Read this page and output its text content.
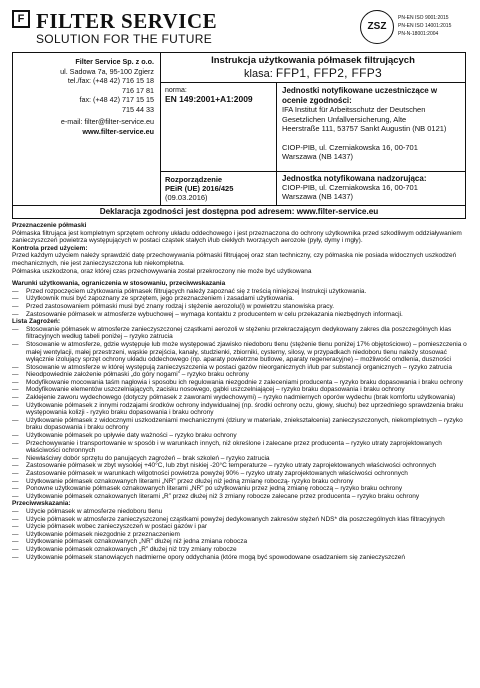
F FILTER SERVICE
SOLUTION FOR THE FUTURE
ZSZ
PN-EN ISO 9001:2015
PN-EN ISO 14001:2015
PN-N-18001:2004
Filter Service Sp. z o.o.
ul. Sadowa 7a, 95-100 Zgierz
tel./fax: (+48 42) 716 15 18
716 17 81
fax: (+48 42) 717 15 15
715 44 33
e-mail: filter@filter-service.eu
www.filter-service.eu
Instrukcja użytkowania półmasek filtrujących
klasa: FFP1, FFP2, FFP3
norma:
EN 149:2001+A1:2009
Jednostki notyfikowane uczestniczące w ocenie zgodności:
IFA Institut für Arbeitsschutz der Deutschen
Gesetzlichen Unfallversicherung, Alte
Heerstraße 111, 53757 Sankt Augustin (NB 0121)
CIOP-PIB, ul. Czerniakowska 16, 00-701
Warszawa (NB 1437)
Rozporządzenie
PEiR (UE) 2016/425
(09.03.2016)
Jednostka notyfikowana nadzorująca:
CIOP-PIB, ul. Czerniakowska 16, 00-701
Warszawa (NB 1437)
Deklaracja zgodności jest dostępna pod adresem: www.filter-service.eu
Przeznaczenie półmaski

Półmaska filtrująca jest kompletnym sprzętem ochrony układu oddechowego i jest przeznaczona do ochrony użytkownika przed szkodliwym oddziaływaniem zanieczyszczeń powietrza występujących w postaci cząstek stałych i/lub ciekłych tworzących aerozole (pyły, dymy i mgły).

Kontrola przed użyciem:

Przed każdym użyciem należy sprawdzić datę przechowywania półmaski filtrującej oraz stan techniczny, czy półmaska nie posiada widocznych uszkodzeń mechanicznych, nie jest zanieczyszczona lub niekompletna.

Półmaska uszkodzona, oraz której czas przechowywania został przekroczony nie może być użytkowana

Warunki użytkowania, ograniczenia w stosowaniu, przeciwwskazania
— Przed rozpoczęciem użytkowania półmasek filtrujących należy zapoznać się z treścią niniejszej Instrukcji użytkowania.
— Użytkownik musi być zapoznany ze sprzętem, jego przeznaczeniem i zasadami użytkowania.
— Przed zastosowaniem półmaski musi być znany rodzaj i stężenie aerozolu(i) w powietrzu stanowiska pracy.
— Zastosowanie półmasek w atmosferze wybuchowej – wymaga kontaktu z producentem w celu przekazania niezbędnych informacji.
Lista Zagrożeń:
— Stosowanie półmasek w atmosferze zanieczyszczonej cząstkami aerozoli w stężeniu przekraczającym dedykowany zakres dla poszczególnych klas filtracyjnych według tabeli poniżej – ryzyko zatrucia
— Stosowanie w atmosferze, gdzie występuje lub może występować zjawisko niedoboru tlenu (stężenie tlenu poniżej 17% objętościowo) – pomieszczenia o małej wentylacji, małej przestrzeni, wąskie przejścia, kanały, studzienki, zbiorniki, cysterny, silosy, w przypadkach niedoboru tlenu należy stosować wyłącznie izolujący sprzęt ochrony układu oddechowego (np. aparaty powietrzne butlowe, aparaty regeneracyjne) – możliwość omdlenia, duszności
— Stosowanie w atmosferze w której występują zanieczyszczenia w postaci gazów nieorganicznych i/lub par substancji organicznych – ryzyko zatrucia
— Nieodpowiednie założenie półmaski „do góry nogami” – ryzyko braku ochrony
— Modyfikowanie mocowania taśm nagłowia i sposobu ich regulowania niezgodnie z zaleceniami producenta – ryzyko braku dopasowania i braku ochrony
— Modyfikowanie elementów uszczelniających, zacisku nosowego, gąbki uszczelniającej – ryzyko braku dopasowania i braku ochrony
— Zaklejenie zaworu wydechowego (dotyczy półmasek z zaworami wydechowymi) – ryzyko nadmiernych oporów wydechu (brak komfortu użytkowania)
— Użytkowanie półmasek z innymi rodzajami środków ochrony indywidualnej (np. środki ochrony oczu, głowy, słuchu) bez uprzedniego sprawdzenia braku występowania kolizji - ryzyko braku dopasowania i braku ochrony
— Użytkowanie półmasek z widocznymi uszkodzeniami mechanicznymi (dziury w materiale, zniekształcenia) zanieczyszczonych, niekompletnych – ryzyko braku dopasowania i braku ochrony
— Użytkowanie półmasek po upływie daty ważności – ryzyko braku ochrony
— Przechowywanie i transportowanie w sposób i w warunkach innych, niż określone i zalecane przez producenta – ryzyko utraty zaprojektowanych właściwości ochronnych
— Niewłaściwy dobór sprzętu do panujących zagrożeń – brak szkoleń – ryzyko zatrucia
— Zastosowanie półmasek w zbyt wysokiej +40°C, lub zbyt niskiej -20°C temperaturze – ryzyko utraty zaprojektowanych właściwości ochronnych
— Zastosowanie półmasek w warunkach wilgotności powietrza powyżej 90% – ryzyko utraty zaprojektowanych właściwości ochronnych
— Użytkowanie półmasek oznakowanych literami „NR” przez dłużej niż jedną zmianę roboczą- ryzyko braku ochrony
— Ponowne użytkowanie półmasek oznakowanych literami „NR” po użytkowaniu przez jedną zmianę roboczą – ryzyko braku ochrony
— Użytkowanie półmasek oznakowanych literami „R” przez dłużej niż 3 zmiany robocze zalecane przez producenta – ryzyko braku ochrony
Przeciwwskazania:
— Użycie półmasek w atmosferze niedoboru tlenu
— Użycie półmasek w atmosferze zanieczyszczonej cząstkami powyżej dedykowanych zakresów stężeń NDS* dla poszczególnych klas filtracyjnych
— Użycie półmasek wobec zanieczyszczeń w postaci gazów i par
— Użytkowanie półmasek niezgodnie z przeznaczeniem
— Użytkowanie półmasek oznakowanych „NR” dłużej niż jedna zmiana robocza
— Użytkowanie półmasek oznakowanych „R” dłużej niż trzy zmiany robocze
— Użytkowanie półmasek stanowiących nadmierne opory oddychania (które mogą być spowodowane osadzaniem się zanieczyszczeń
